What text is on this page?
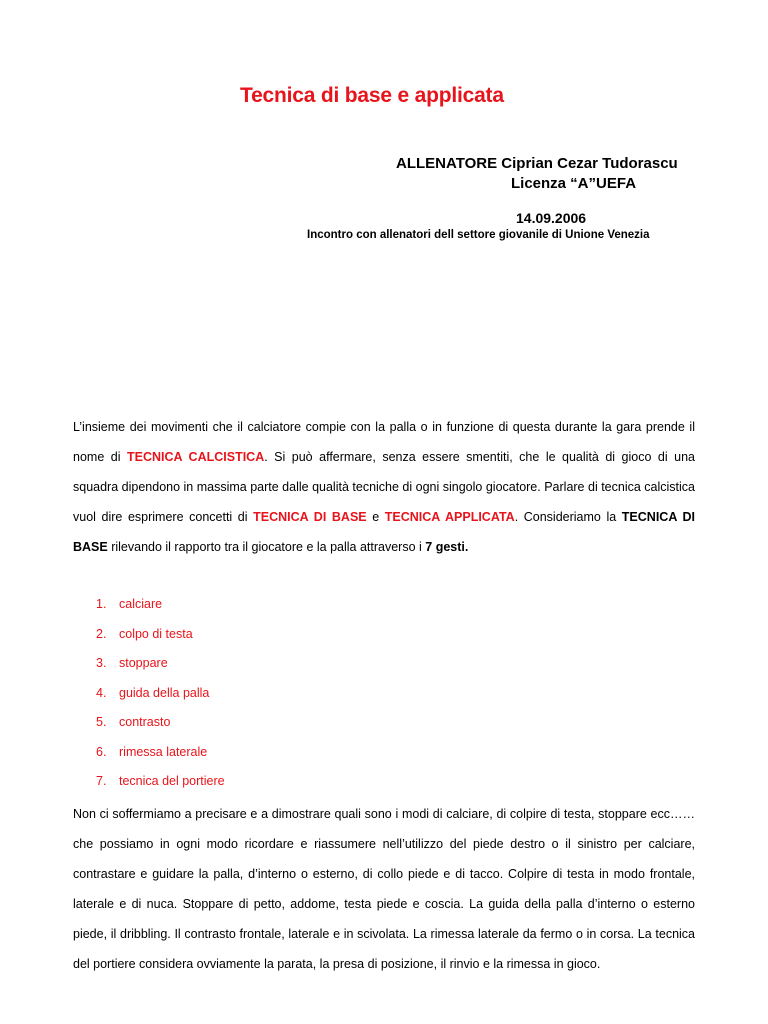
Tecnica di base e applicata
ALLENATORE Ciprian Cezar Tudorascu
Licenza “A”UEFA
14.09.2006
Incontro con allenatori dell settore giovanile di Unione Venezia

L’insieme dei movimenti che il calciatore compie con la palla o in funzione di questa durante la gara prende il nome di TECNICA CALCISTICA. Si può affermare, senza essere smentiti, che le qualità di gioco di una squadra dipendono in massima parte dalle qualità tecniche di ogni singolo giocatore. Parlare di tecnica calcistica vuol dire esprimere concetti di TECNICA DI BASE e TECNICA APPLICATA. Consideriamo la TECNICA DI BASE rilevando il rapporto tra il giocatore e la palla attraverso i 7 gesti.

1. calciare
2. colpo di testa
3. stoppare
4. guida della palla
5. contrasto
6. rimessa laterale
7. tecnica del portiere

Non ci soffermiamo a precisare e a dimostrare quali sono i modi di calciare, di colpire di testa, stoppare ecc……che possiamo in ogni modo ricordare e riassumere nell’utilizzo del piede destro o il sinistro per calciare, contrastare e guidare la palla, d’interno o esterno, di collo piede e di tacco. Colpire di testa in modo frontale, laterale e di nuca. Stoppare di petto, addome, testa piede e coscia. La guida della palla d’interno o esterno piede, il dribbling. Il contrasto frontale, laterale e in scivolata. La rimessa laterale da fermo o in corsa. La tecnica del portiere considera ovviamente la parata, la presa di posizione, il rinvio e la rimessa in gioco.
